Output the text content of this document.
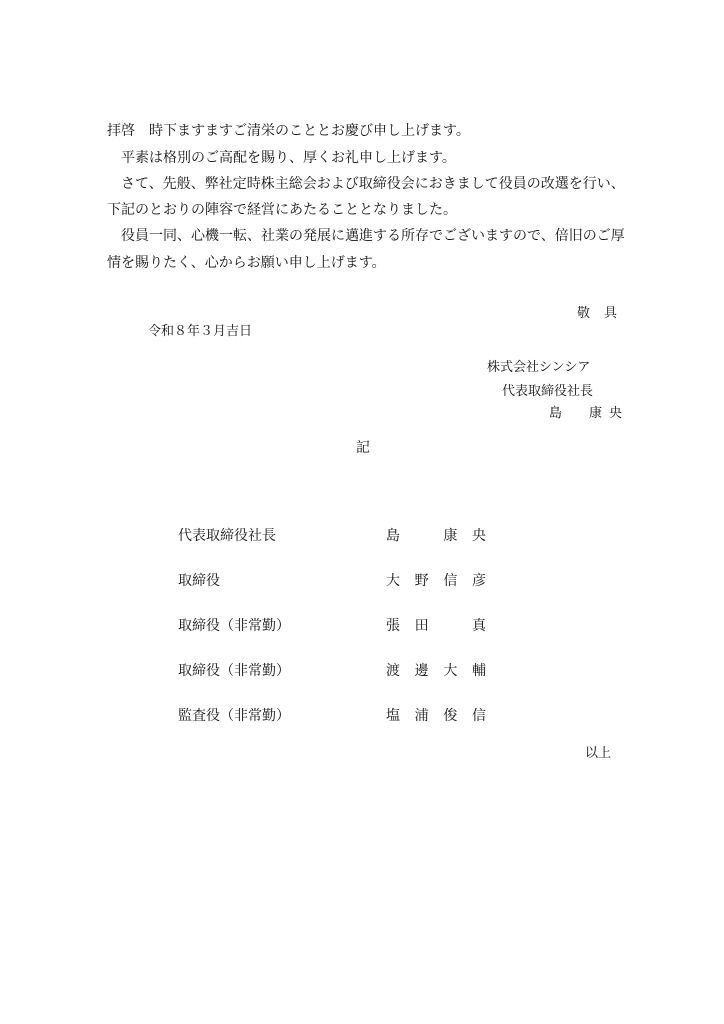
拝啓　時下ますますご清栄のこととお慶び申し上げます。
平素は格別のご高配を賜り、厚くお礼申し上げます。
さて、先般、弊社定時株主総会および取締役会におきまして役員の改選を行い、
下記のとおりの陣容で経営にあたることとなりました。
役員一同、心機一転、社業の発展に邁進する所存でございますので、倍旧のご厚
情を賜りたく、心からお願い申し上げます。
敬具
令和８年３月吉日
株式会社シンシア
代表取締役社長
島　康央
記
代表取締役社長	島	康 央
取締役	大 野 信 彦
取締役（非常勤）	張 田	真
取締役（非常勤）	渡 邊 大 輔
監査役（非常勤）	塩 浦 俊 信
以上
